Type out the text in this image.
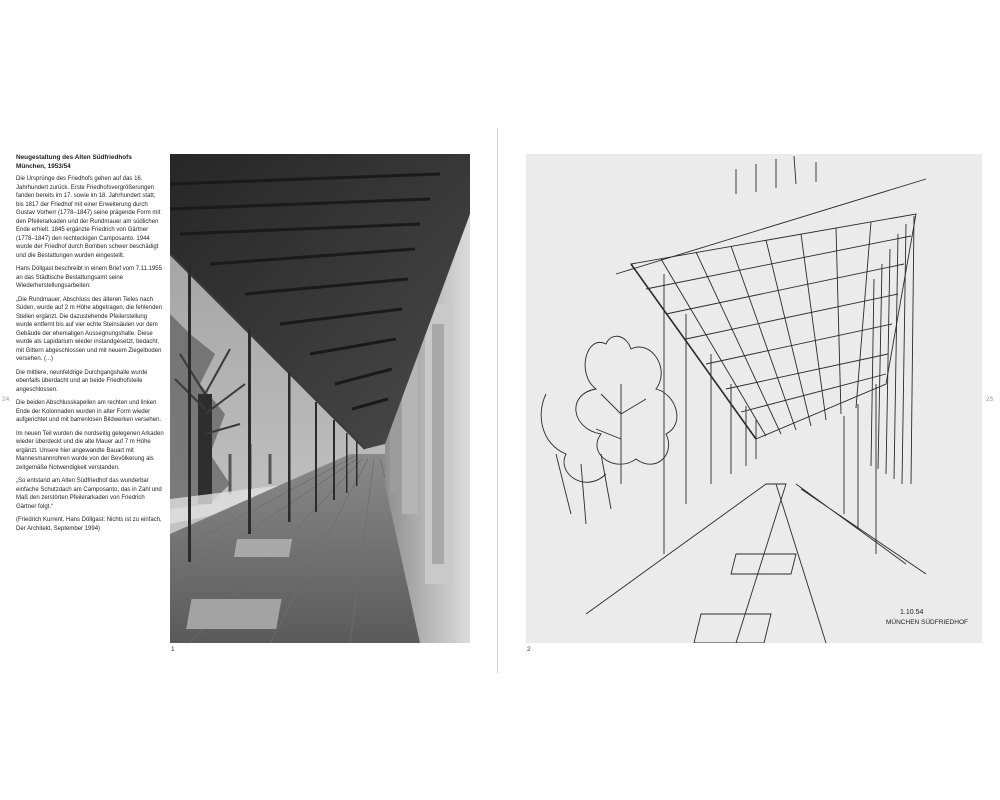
24
Neugestaltung des Alten Südfriedhofs
München, 1953/54

Die Ursprünge des Friedhofs gehen auf das 16. Jahrhundert zurück. Erste Friedhofsvergrößerungen fanden bereits im 17. sowie im 18. Jahrhundert statt, bis 1817 der Friedhof mit einer Erweiterung durch Gustav Vorherr (1778–1847) seine prägende Form mit den Pfeilerarkaden und der Rundmauer am südlichen Ende erhielt. 1845 ergänzte Friedrich von Gärtner (1778–1847) den rechteckigen Camposanto. 1944 wurde der Friedhof durch Bomben schwer beschädigt und die Bestattungen wurden eingestellt.

Hans Döllgast beschreibt in einem Brief vom 7.11.1955 an das Städtische Bestattungsamt seine Wiederherstellungsarbeiten:

„Die Rundmauer, Abschluss des älteren Teiles nach Süden, wurde auf 2 m Höhe abgetragen, die fehlenden Stellen ergänzt. Die dazustehende Pfeilerstellung wurde entfernt bis auf vier echte Steinsäulen vor dem Gebäude der ehemaligen Aussegnungshalle. Diese wurde als Lapidarium wieder instandgesetzt, bedacht, mit Gittern abgeschlossen und mit neuem Ziegelboden versehen. (...)

Die mittlere, neunfeldrige Durchgangshalle wurde ebenfalls überdacht und an beide Friedhofsteile angeschlossen.

Die beiden Abschlusskapellen am rechten und linken Ende der Kolonnaden wurden in alter Form wieder aufgerichtet und mit barrenlosen Bildwerken versehen.

Im neuen Teil wurden die nordseitig gelegenen Arkaden wieder überdeckt und die alte Mauer auf 7 m Höhe ergänzt. Unsere hier angewandte Bauart mit Mannesmannrohren wurde von der Bevölkerung als zeitgemäße Notwendigkeit verstanden.

„So entstand am Alten Südfriedhof das wunderbar einfache Schutzdach am Camposanto, das in Zahl und Maß den zerstörten Pfeilerarkaden von Friedrich Gärtner folgt.“

(Friedrich Kurrent, Hans Döllgast: Nichts ist zu einfach, Der Architekt, September 1994)

1
25
1.10.54
MÜNCHEN SÜDFRIEDHOF
2
